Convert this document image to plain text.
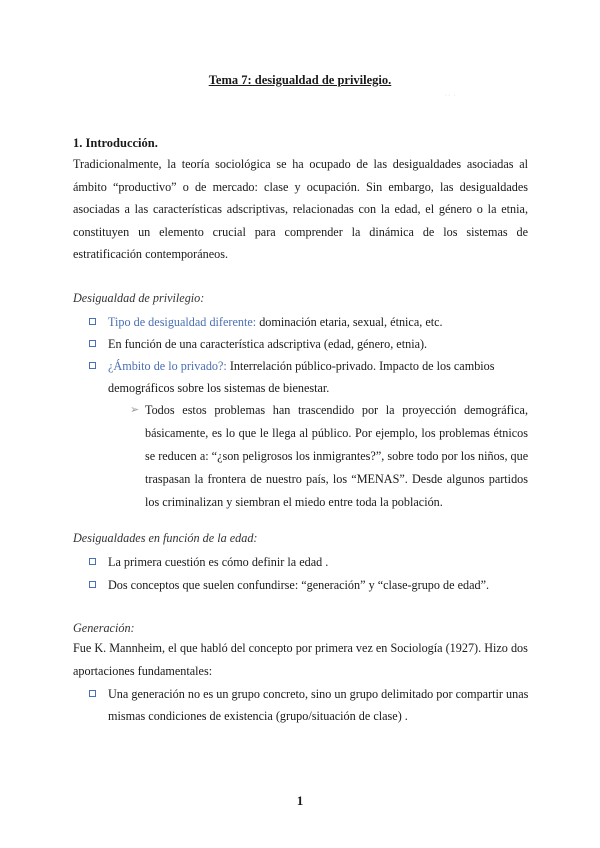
Tema 7: desigualdad de privilegio.
·· ·
1. Introducción.
Tradicionalmente, la teoría sociológica se ha ocupado de las desigualdades asociadas al
ámbito “productivo” o de mercado: clase y ocupación. Sin embargo, las desigualdades
asociadas a las características adscriptivas, relacionadas con la edad, el género o la etnia,
constituyen un elemento crucial para comprender la dinámica de los sistemas de
estratificación contemporáneos.
Desigualdad de privilegio:
Tipo de desigualdad diferente: dominación etaria, sexual, étnica, etc.
En función de una característica adscriptiva (edad, género, etnia).
¿Ámbito de lo privado?: Interrelación público-privado. Impacto de los cambios
demográficos sobre los sistemas de bienestar.
➢ Todos estos problemas han trascendido por la proyección demográfica,
básicamente, es lo que le llega al público. Por ejemplo, los problemas étnicos
se reducen a: “¿son peligrosos los inmigrantes?”, sobre todo por los niños, que
traspasan la frontera de nuestro país, los “MENAS”. Desde algunos partidos
los criminalizan y siembran el miedo entre toda la población.
Desigualdades en función de la edad:
La primera cuestión es cómo definir la edad .
Dos conceptos que suelen confundirse: “generación” y “clase-grupo de edad”.
Generación:
Fue K. Mannheim, el que habló del concepto por primera vez en Sociología (1927). Hizo dos
aportaciones fundamentales:
Una generación no es un grupo concreto, sino un grupo delimitado por compartir unas
mismas condiciones de existencia (grupo/situación de clase) .
1
